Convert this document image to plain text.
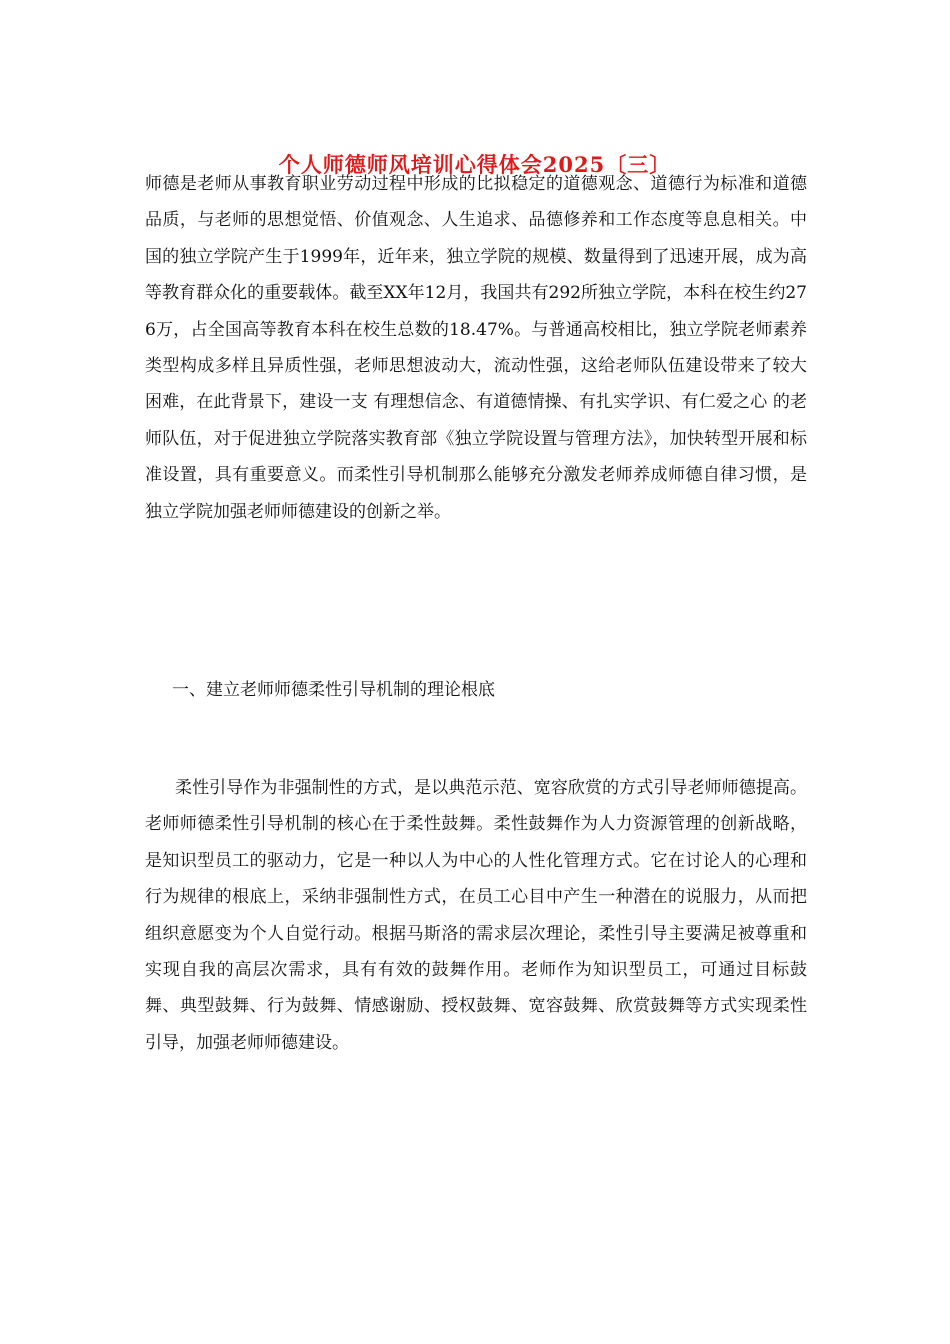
个人师德师风培训心得体会2025〔三〕

师德是老师从事教育职业劳动过程中形成的比拟稳定的道德观念、道德行为标准和道德品质，与老师的思想觉悟、价值观念、人生追求、品德修养和工作态度等息息相关。中国的独立学院产生于1999年，近年来，独立学院的规模、数量得到了迅速开展，成为高等教育群众化的重要载体。截至XX年12月，我国共有292所独立学院，本科在校生约276万，占全国高等教育本科在校生总数的18.47%。与普通高校相比，独立学院老师素养类型构成多样且异质性强，老师思想波动大，流动性强，这给老师队伍建设带来了较大困难，在此背景下，建设一支 有理想信念、有道德情操、有扎实学识、有仁爱之心 的老师队伍，对于促进独立学院落实教育部《独立学院设置与管理方法》，加快转型开展和标准设置，具有重要意义。而柔性引导机制那么能够充分激发老师养成师德自律习惯，是独立学院加强老师师德建设的创新之举。

一、建立老师师德柔性引导机制的理论根底

柔性引导作为非强制性的方式，是以典范示范、宽容欣赏的方式引导老师师德提高。老师师德柔性引导机制的核心在于柔性鼓舞。柔性鼓舞作为人力资源管理的创新战略，是知识型员工的驱动力，它是一种以人为中心的人性化管理方式。它在讨论人的心理和行为规律的根底上，采纳非强制性方式，在员工心目中产生一种潜在的说服力，从而把组织意愿变为个人自觉行动。根据马斯洛的需求层次理论，柔性引导主要满足被尊重和实现自我的高层次需求，具有有效的鼓舞作用。老师作为知识型员工，可通过目标鼓舞、典型鼓舞、行为鼓舞、情感谢励、授权鼓舞、宽容鼓舞、欣赏鼓舞等方式实现柔性引导，加强老师师德建设。
